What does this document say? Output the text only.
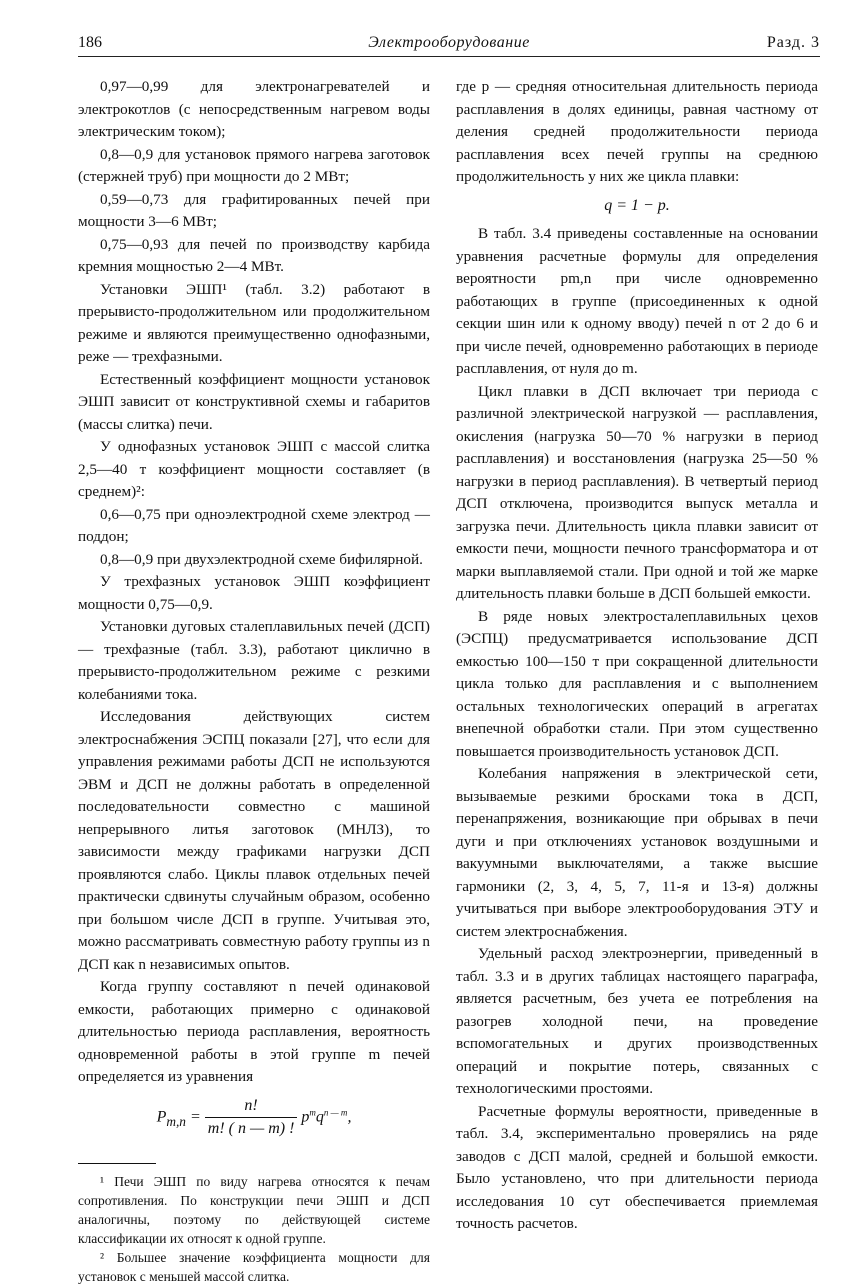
186	Электрооборудование	Разд. 3

0,97—0,99 для электронагревателей и электрокотлов (с непосредственным нагревом воды электрическим током);

0,8—0,9 для установок прямого нагрева заготовок (стержней труб) при мощности до 2 МВт;

0,59—0,73 для графитированных печей при мощности 3—6 МВт;

0,75—0,93 для печей по производству карбида кремния мощностью 2—4 МВт.

Установки ЭШП¹ (табл. 3.2) работают в прерывисто-продолжительном или продолжительном режиме и являются преимущественно однофазными, реже — трехфазными.

Естественный коэффициент мощности установок ЭШП зависит от конструктивной схемы и габаритов (массы слитка) печи.

У однофазных установок ЭШП с массой слитка 2,5—40 т коэффициент мощности составляет (в среднем)²:

0,6—0,75 при одноэлектродной схеме электрод — поддон;

0,8—0,9 при двухэлектродной схеме бифилярной.

У трехфазных установок ЭШП коэффициент мощности 0,75—0,9.

Установки дуговых сталеплавильных печей (ДСП) — трехфазные (табл. 3.3), работают циклично в прерывисто-продолжительном режиме с резкими колебаниями тока.

Исследования действующих систем электроснабжения ЭСПЦ показали [27], что если для управления режимами работы ДСП не используются ЭВМ и ДСП не должны работать в определенной последовательности совместно с машиной непрерывного литья заготовок (МНЛЗ), то зависимости между графиками нагрузки ДСП проявляются слабо. Циклы плавок отдельных печей практически сдвинуты случайным образом, особенно при большом числе ДСП в группе. Учитывая это, можно рассматривать совместную работу группы из n ДСП как n независимых опытов.

Когда группу составляют n печей одинаковой емкости, работающих примерно с одинаковой длительностью периода расплавления, вероятность одновременной работы в этой группе m печей определяется из уравнения

$P_{m,n} = \frac{n!}{m! ( n — m) !} p^mq^{n — m}$,

¹ Печи ЭШП по виду нагрева относятся к печам сопротивления. По конструкции печи ЭШП и ДСП аналогичны, поэтому по действующей системе классификации их относят к одной группе.

² Большее значение коэффициента мощности для установок с меньшей массой слитка.

где p — средняя относительная длительность периода расплавления в долях единицы, равная частному от деления средней продолжительности периода расплавления всех печей группы на среднюю продолжительность у них же цикла плавки:

q = 1 − p.

В табл. 3.4 приведены составленные на основании уравнения расчетные формулы для определения вероятности pm,n при числе одновременно работающих в группе (присоединенных к одной секции шин или к одному вводу) печей n от 2 до 6 и при числе печей, одновременно работающих в периоде расплавления, от нуля до m.

Цикл плавки в ДСП включает три периода с различной электрической нагрузкой — расплавления, окисления (нагрузка 50—70 % нагрузки в период расплавления) и восстановления (нагрузка 25—50 % нагрузки в период расплавления). В четвертый период ДСП отключена, производится выпуск металла и загрузка печи. Длительность цикла плавки зависит от емкости печи, мощности печного трансформатора и от марки выплавляемой стали. При одной и той же марке длительность плавки больше в ДСП большей емкости.

В ряде новых электросталеплавильных цехов (ЭСПЦ) предусматривается использование ДСП емкостью 100—150 т при сокращенной длительности цикла только для расплавления и с выполнением остальных технологических операций в агрегатах внепечной обработки стали. При этом существенно повышается производительность установок ДСП.

Колебания напряжения в электрической сети, вызываемые резкими бросками тока в ДСП, перенапряжения, возникающие при обрывах в печи дуги и при отключениях установок воздушными и вакуумными выключателями, а также высшие гармоники (2, 3, 4, 5, 7, 11-я и 13-я) должны учитываться при выборе электрооборудования ЭТУ и систем электроснабжения.

Удельный расход электроэнергии, приведенный в табл. 3.3 и в других таблицах настоящего параграфа, является расчетным, без учета ее потребления на разогрев холодной печи, на проведение вспомогательных и других производственных операций и покрытие потерь, связанных с технологическими простоями.

Расчетные формулы вероятности, приведенные в табл. 3.4, экспериментально проверялись на ряде заводов с ДСП малой, средней и большой емкости. Было установлено, что при длительности периода исследования 10 сут обеспечивается приемлемая точность расчетов.
